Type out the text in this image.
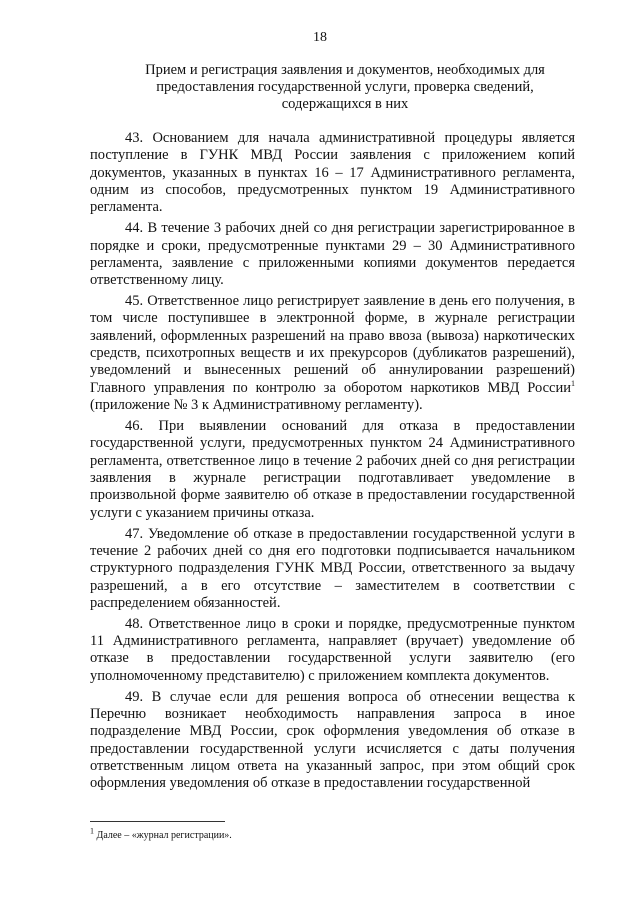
18
Прием и регистрация заявления и документов, необходимых для предоставления государственной услуги, проверка сведений, содержащихся в них

43. Основанием для начала административной процедуры является поступление в ГУНК МВД России заявления с приложением копий документов, указанных в пунктах 16 – 17 Административного регламента, одним из способов, предусмотренных пунктом 19 Административного регламента.

44. В течение 3 рабочих дней со дня регистрации зарегистрированное в порядке и сроки, предусмотренные пунктами 29 – 30 Административного регламента, заявление с приложенными копиями документов передается ответственному лицу.

45. Ответственное лицо регистрирует заявление в день его получения, в том числе поступившее в электронной форме, в журнале регистрации заявлений, оформленных разрешений на право ввоза (вывоза) наркотических средств, психотропных веществ и их прекурсоров (дубликатов разрешений), уведомлений и вынесенных решений об аннулировании разрешений) Главного управления по контролю за оборотом наркотиков МВД России$^1$ (приложение № 3 к Административному регламенту).

46. При выявлении оснований для отказа в предоставлении государственной услуги, предусмотренных пунктом 24 Административного регламента, ответственное лицо в течение 2 рабочих дней со дня регистрации заявления в журнале регистрации подготавливает уведомление в произвольной форме заявителю об отказе в предоставлении государственной услуги с указанием причины отказа.

47. Уведомление об отказе в предоставлении государственной услуги в течение 2 рабочих дней со дня его подготовки подписывается начальником структурного подразделения ГУНК МВД России, ответственного за выдачу разрешений, а в его отсутствие – заместителем в соответствии с распределением обязанностей.

48. Ответственное лицо в сроки и порядке, предусмотренные пунктом 11 Административного регламента, направляет (вручает) уведомление об отказе в предоставлении государственной услуги заявителю (его уполномоченному представителю) с приложением комплекта документов.

49. В случае если для решения вопроса об отнесении вещества к Перечню возникает необходимость направления запроса в иное подразделение МВД России, срок оформления уведомления об отказе в предоставлении государственной услуги исчисляется с даты получения ответственным лицом ответа на указанный запрос, при этом общий срок оформления уведомления об отказе в предоставлении государственной

$^1$ Далее – «журнал регистрации».
